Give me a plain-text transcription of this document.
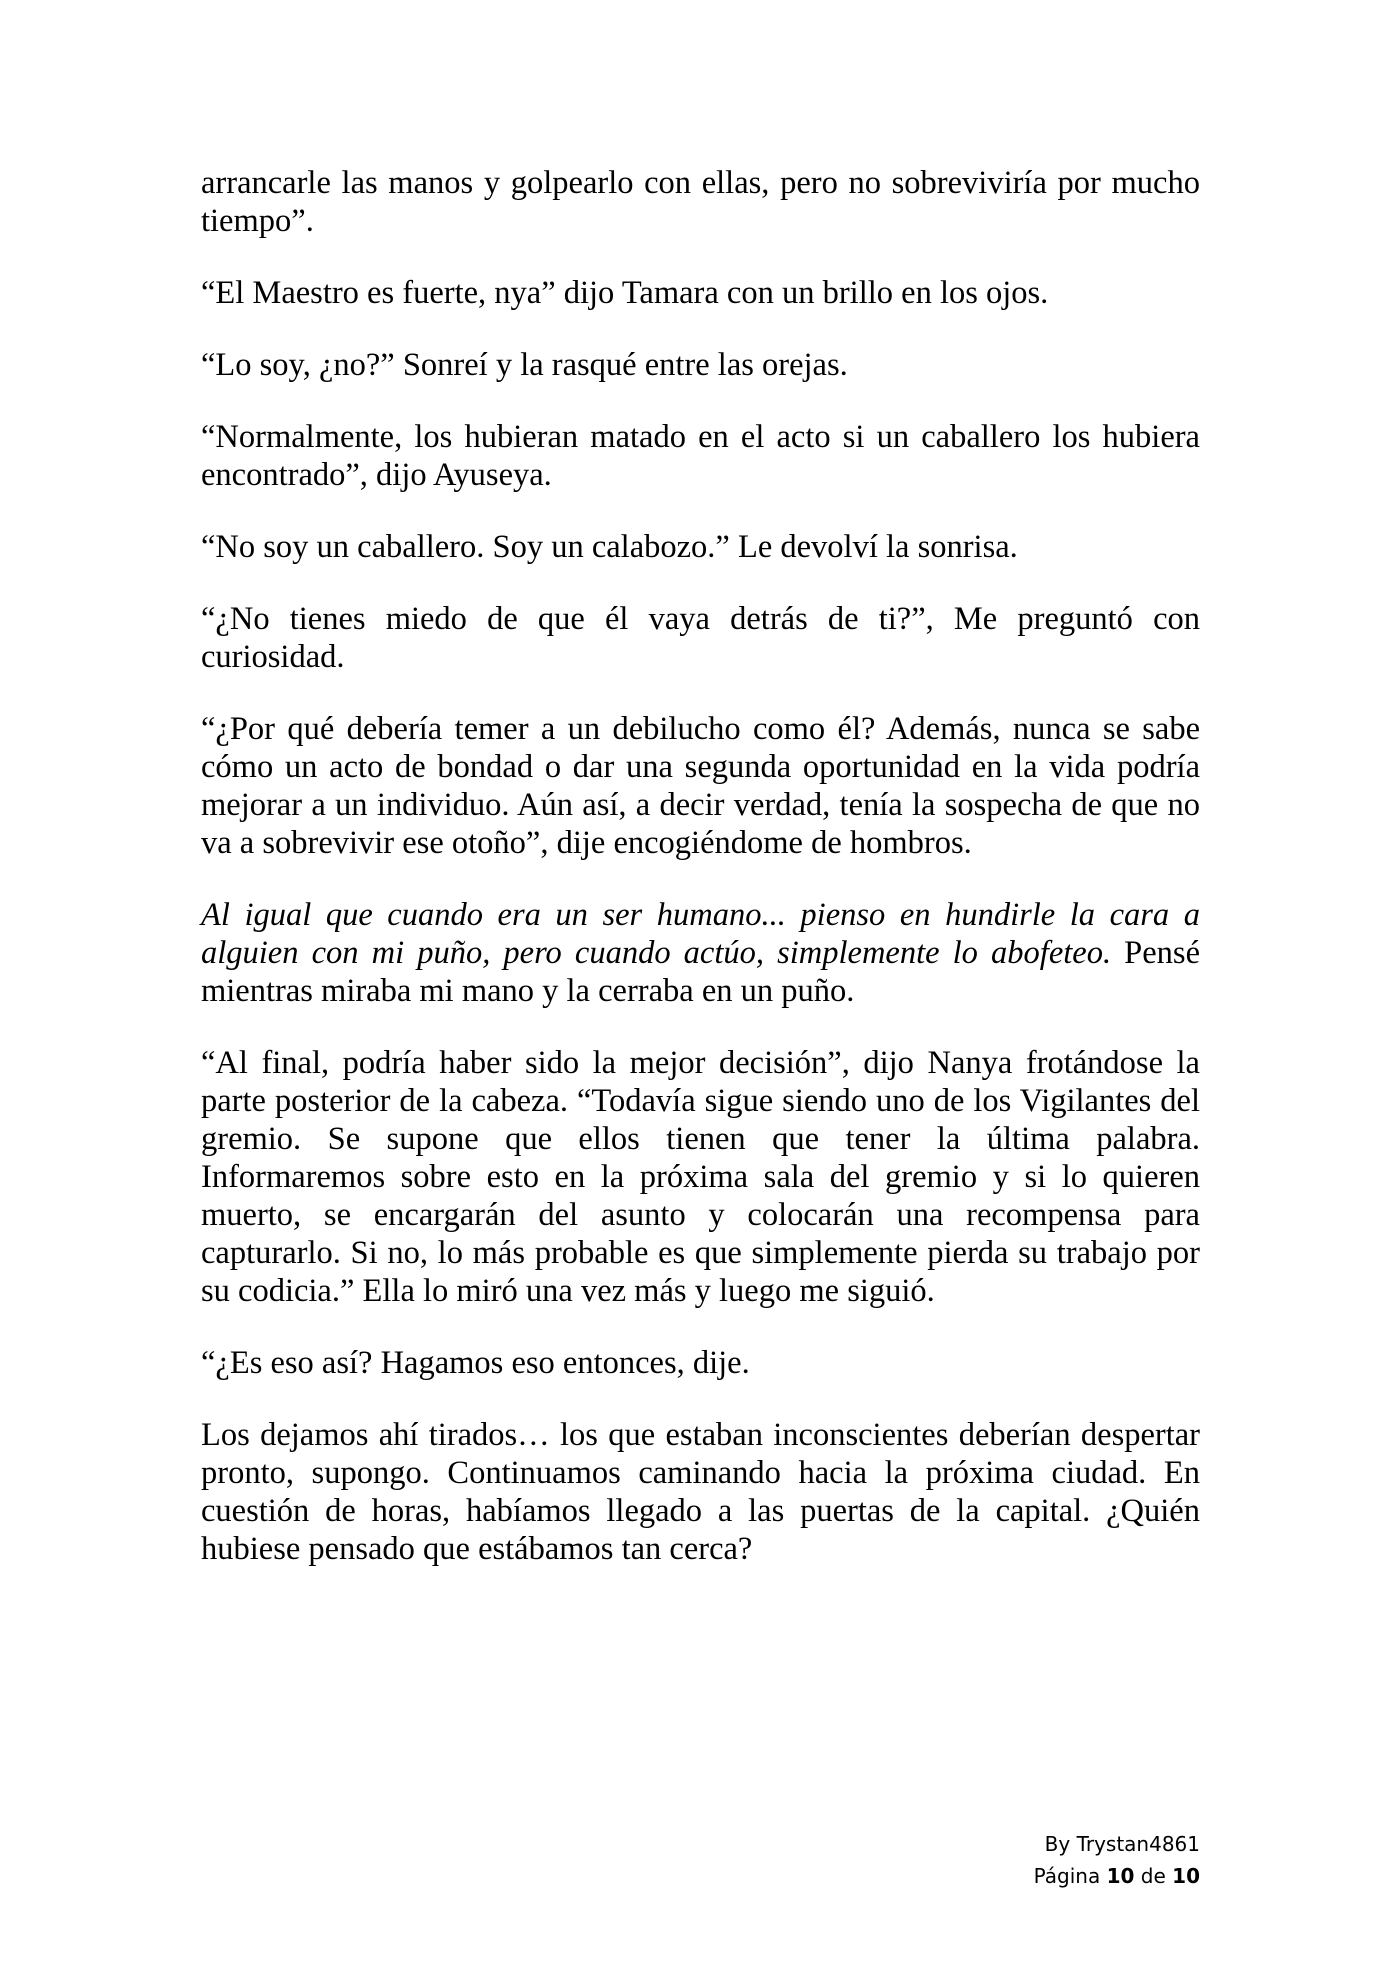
arrancarle las manos y golpearlo con ellas, pero no sobreviviría por mucho tiempo”.

“El Maestro es fuerte, nya” dijo Tamara con un brillo en los ojos.

“Lo soy, ¿no?” Sonreí y la rasqué entre las orejas.

“Normalmente, los hubieran matado en el acto si un caballero los hubiera encontrado”, dijo Ayuseya.

“No soy un caballero. Soy un calabozo.” Le devolví la sonrisa.

“¿No tienes miedo de que él vaya detrás de ti?”, Me preguntó con curiosidad.

“¿Por qué debería temer a un debilucho como él? Además, nunca se sabe cómo un acto de bondad o dar una segunda oportunidad en la vida podría mejorar a un individuo. Aún así, a decir verdad, tenía la sospecha de que no va a sobrevivir ese otoño”, dije encogiéndome de hombros.

Al igual que cuando era un ser humano... pienso en hundirle la cara a alguien con mi puño, pero cuando actúo, simplemente lo abofeteo. Pensé mientras miraba mi mano y la cerraba en un puño.

“Al final, podría haber sido la mejor decisión”, dijo Nanya frotándose la parte posterior de la cabeza. “Todavía sigue siendo uno de los Vigilantes del gremio. Se supone que ellos tienen que tener la última palabra. Informaremos sobre esto en la próxima sala del gremio y si lo quieren muerto, se encargarán del asunto y colocarán una recompensa para capturarlo. Si no, lo más probable es que simplemente pierda su trabajo por su codicia.” Ella lo miró una vez más y luego me siguió.

“¿Es eso así? Hagamos eso entonces, dije.

Los dejamos ahí tirados… los que estaban inconscientes deberían despertar pronto, supongo. Continuamos caminando hacia la próxima ciudad. En cuestión de horas, habíamos llegado a las puertas de la capital. ¿Quién hubiese pensado que estábamos tan cerca?

By Trystan4861
Página 10 de 10
